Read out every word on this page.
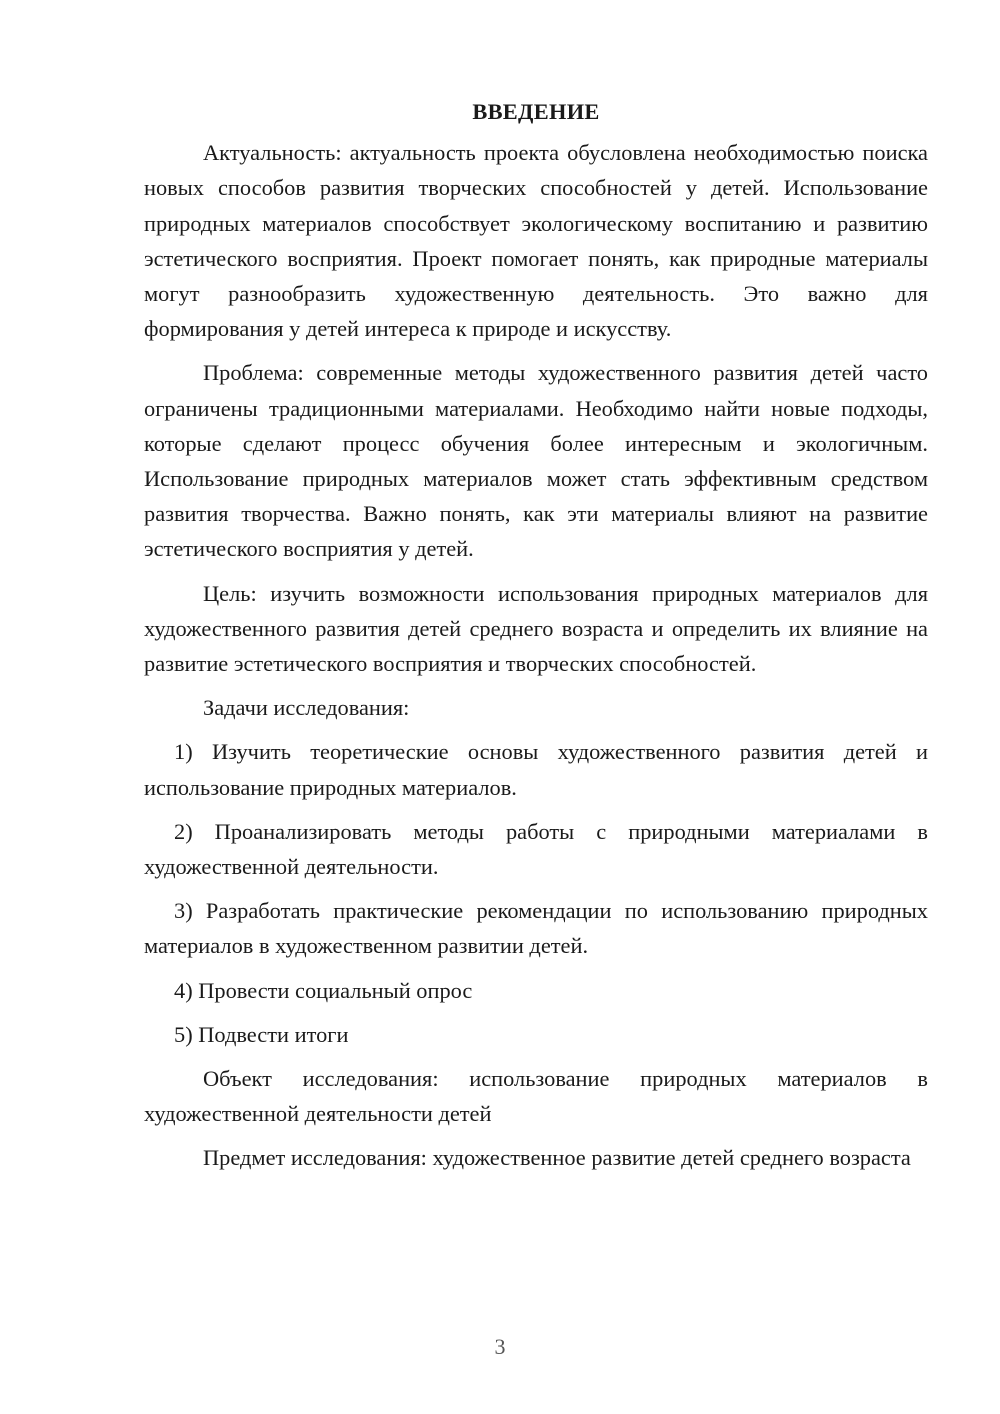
ВВЕДЕНИЕ

Актуальность: актуальность проекта обусловлена необходимостью поиска новых способов развития творческих способностей у детей. Использование природных материалов способствует экологическому воспитанию и развитию эстетического восприятия. Проект помогает понять, как природные материалы могут разнообразить художественную деятельность. Это важно для формирования у детей интереса к природе и искусству.

Проблема: современные методы художественного развития детей часто ограничены традиционными материалами. Необходимо найти новые подходы, которые сделают процесс обучения более интересным и экологичным. Использование природных материалов может стать эффективным средством развития творчества. Важно понять, как эти материалы влияют на развитие эстетического восприятия у детей.

Цель: изучить возможности использования природных материалов для художественного развития детей среднего возраста и определить их влияние на развитие эстетического восприятия и творческих способностей.

Задачи исследования:

1) Изучить теоретические основы художественного развития детей и использование природных материалов.

2) Проанализировать методы работы с природными материалами в художественной деятельности.

3) Разработать практические рекомендации по использованию природных материалов в художественном развитии детей.

4) Провести социальный опрос

5) Подвести итоги

Объект исследования: использование природных материалов в художественной деятельности детей

Предмет исследования: художественное развитие детей среднего возраста

3
